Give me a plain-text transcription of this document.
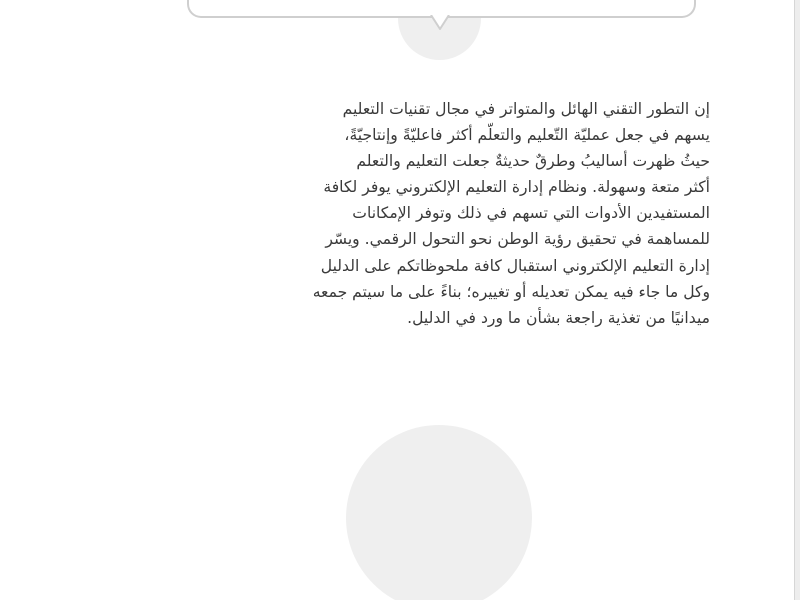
إن التطور التقني الهائل والمتواتر في مجال تقنيات التعليم
يسهم في جعل عمليّة التّعليم والتعلّم أكثر فاعليّةً وإنتاجيّةً،
حيثُ ظهرت أساليبُ وطرقٌ حديثةٌ جعلت التعليم والتعلم
أكثر متعة وسهولة. ونظام إدارة التعليم الإلكتروني يوفر لكافة
المستفيدين الأدوات التي تسهم في ذلك وتوفر الإمكانات
للمساهمة في تحقيق رؤية الوطن نحو التحول الرقمي. ويسّر
إدارة التعليم الإلكتروني استقبال كافة ملحوظاتكم على الدليل
وكل ما جاء فيه يمكن تعديله أو تغييره؛ بناءً على ما سيتم جمعه
ميدانيًا من تغذية راجعة بشأن ما ورد في الدليل.
